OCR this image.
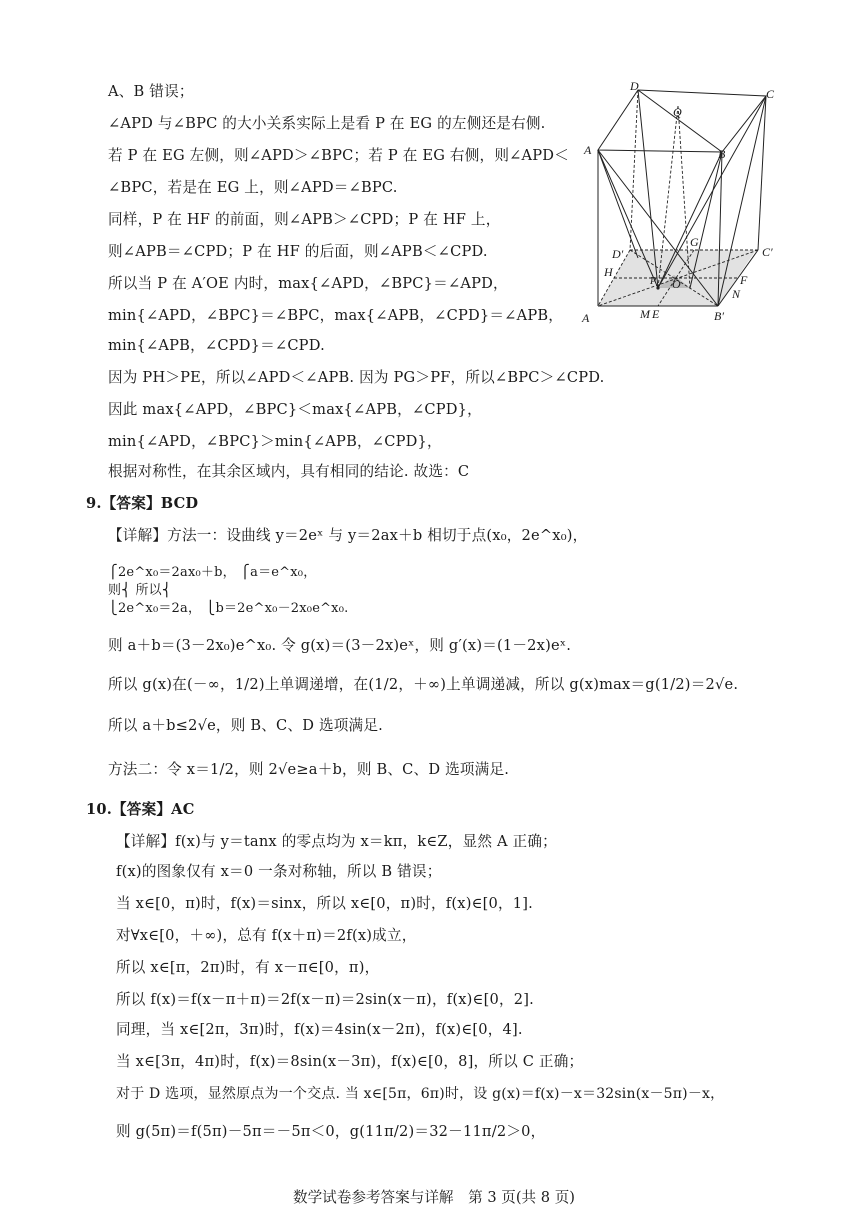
A、B 错误；
∠APD 与∠BPC 的大小关系实际上是看 P 在 EG 的左侧还是右侧.
若 P 在 EG 左侧，则∠APD＞∠BPC；若 P 在 EG 右侧，则∠APD＜
∠BPC，若是在 EG 上，则∠APD＝∠BPC.
同样，P 在 HF 的前面，则∠APB＞∠CPD；P 在 HF 上，
则∠APB＝∠CPD；P 在 HF 的后面，则∠APB＜∠CPD.
所以当 P 在 A′OE 内时，max{∠APD，∠BPC}＝∠APD，
min{∠APD，∠BPC}＝∠BPC，max{∠APB，∠CPD}＝∠APB，
min{∠APB，∠CPD}＝∠CPD.
因为 PH＞PE，所以∠APD＜∠APB. 因为 PG＞PF，所以∠BPC＞∠CPD.
因此 max{∠APD，∠BPC}＜max{∠APB，∠CPD}，
min{∠APD，∠BPC}＞min{∠APB，∠CPD}，
根据对称性，在其余区域内，具有相同的结论. 故选：C
9.【答案】BCD
【详解】方法一：设曲线 y＝2eˣ 与 y＝2ax＋b 相切于点(x₀，2e^x₀)，
⎧2e^x₀＝2ax₀＋b， ⎧a＝e^x₀，
则⎨ 所以⎨
⎩2e^x₀＝2a， ⎩b＝2e^x₀－2x₀e^x₀.
则 a＋b＝(3－2x₀)e^x₀. 令 g(x)＝(3－2x)eˣ，则 g′(x)＝(1－2x)eˣ.
所以 g(x)在(－∞，1/2)上单调递增，在(1/2，＋∞)上单调递减，所以 g(x)max＝g(1/2)＝2√e.
所以 a＋b≤2√e，则 B、C、D 选项满足.
方法二：令 x＝1/2，则 2√e≥a＋b，则 B、C、D 选项满足.
10.【答案】AC
【详解】f(x)与 y＝tanx 的零点均为 x＝kπ，k∈Z，显然 A 正确；
f(x)的图象仅有 x＝0 一条对称轴，所以 B 错误；
当 x∈[0，π)时，f(x)＝sinx，所以 x∈[0，π)时，f(x)∈[0，1].
对∀x∈[0，＋∞)，总有 f(x＋π)＝2f(x)成立，
所以 x∈[π，2π)时，有 x－π∈[0，π)，
所以 f(x)＝f(x－π＋π)＝2f(x－π)＝2sin(x－π)，f(x)∈[0，2].
同理，当 x∈[2π，3π)时，f(x)＝4sin(x－2π)，f(x)∈[0，4].
当 x∈[3π，4π)时，f(x)＝8sin(x－3π)，f(x)∈[0，8]，所以 C 正确；
对于 D 选项，显然原点为一个交点. 当 x∈[5π，6π)时，设 g(x)＝f(x)－x＝32sin(x－5π)－x，
则 g(5π)＝f(5π)－5π＝－5π＜0，g(11π/2)＝32－11π/2＞0，
D
Q
C
A	B
D′
G
C′
H
O	F
N
A	M E	B′
P
数学试卷参考答案与详解　第 3 页(共 8 页)
